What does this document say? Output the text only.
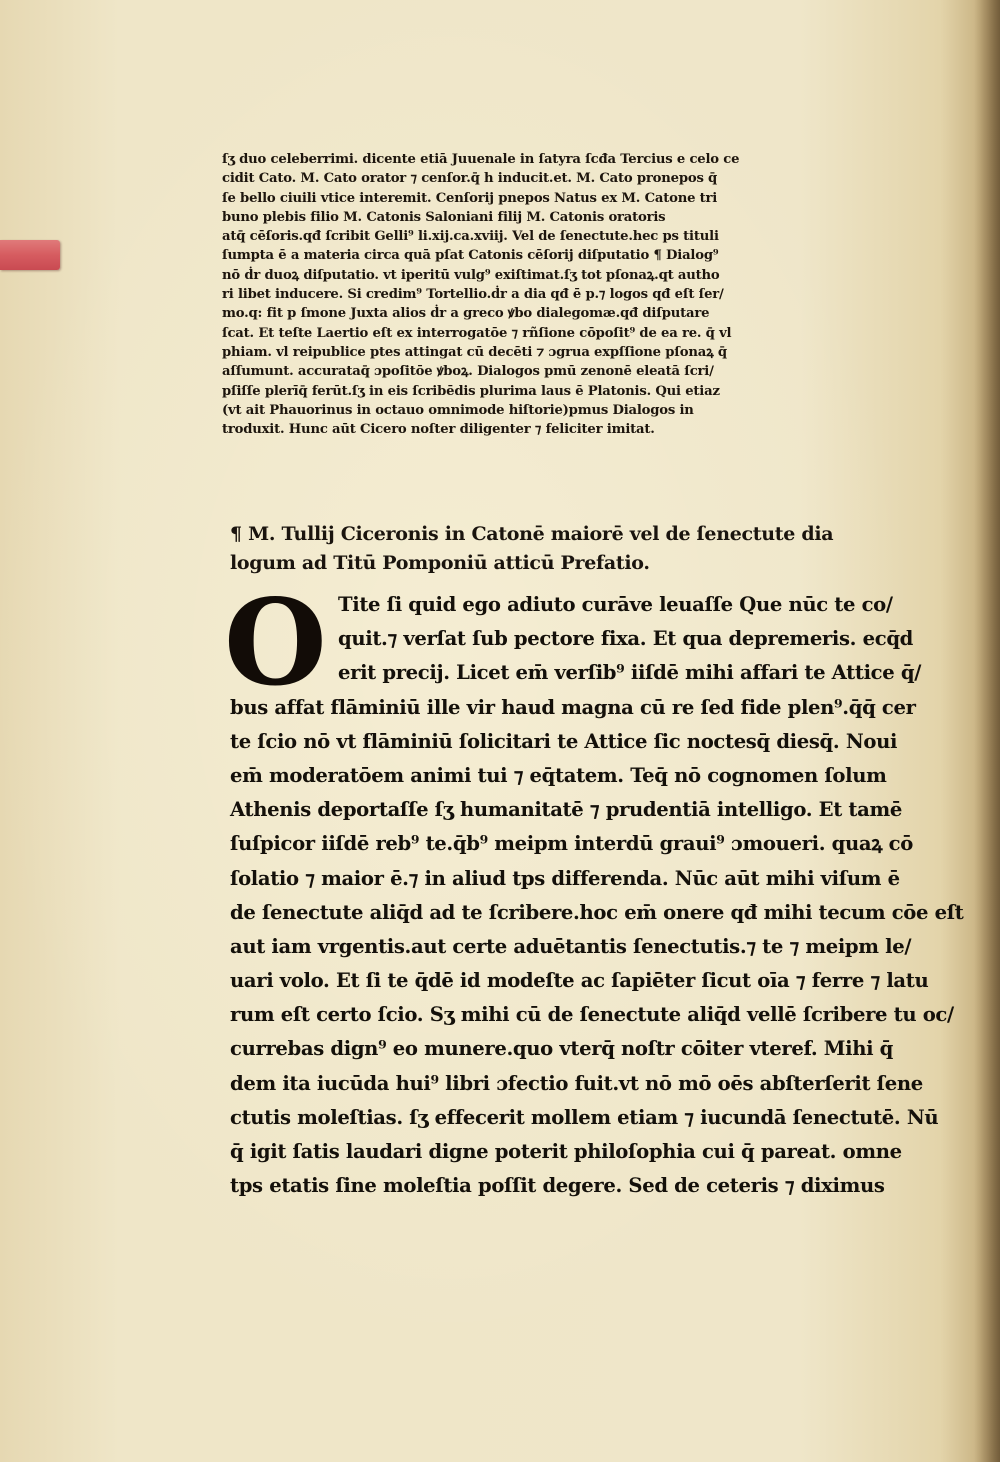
ſʒ duo celeberrimi. dicente etiā Juuenale in ſatyra ſcđa Tercius e celo ce
cidit Cato. M. Cato orator ⁊ cenſor.q̄ h inducit.et. M. Cato pronepos q̄
ſe bello ciuili vtice interemit. Cenſorij pnepos Natus ex M. Catone tri
buno plebis filio M. Catonis Saloniani filij M. Catonis oratoris
atq̄ cēſoris.qđ ſcribit Gelli⁹ li.xij.ca.xviij. Vel de ſenectute.hec ps tituli
ſumpta ē a materia circa quā pſat Catonis cēſorij diſputatio ¶ Dialog⁹
nō ḋr duoꝝ diſputatio. vt iperitū vulg⁹ exiſtimat.ſʒ tot pſonaꝝ.qt autho
ri libet inducere. Si credim⁹ Tortellio.ḋr a dia qđ ē p.⁊ logos qđ eſt ſer/
mo.q: fit p ſmone Juxta alios ḋr a greco ꝟbo dialegomæ.qđ diſputare
ſcat. Et teſte Laertio eſt ex interrogatōe ⁊ rñſione cōpoſit⁹ de ea re. q̄ vl
phiam. vl reipublice ptes attingat cū decēti ⁊ ɔgrua expſſione pſonaꝝ q̄
aſſumunt. accurataq̄ ɔpoſitōe ꝟboꝝ. Dialogos pmū zenonē eleatā ſcri/
pſiſſe plerīq̄ ferūt.ſʒ in eis ſcribēdis plurima laus ē Platonis. Qui etiaz
(vt ait Phauorinus in octauo omnimode hiſtorie)pmus Dialogos in
troduxit. Hunc aūt Cicero noſter diligenter ⁊ feliciter imitat.
¶ M. Tullij Ciceronis in Catonē maiorē vel de ſenectute dia
logum ad Titū Pomponiū atticū Prefatio.
O Tite ſi quid ego adiuto curāve leuaſſe Que nūc te co/
quit.⁊ verſat ſub pectore fixa. Et qua depremeris. ecq̄d
erit precij. Licet em̄ verſib⁹ iiſdē mihi affari te Attice q̄/
bus affat flāminiū ille vir haud magna cū re ſed fide plen⁹.q̄q̄ cer
te ſcio nō vt flāminiū ſolicitari te Attice ſic noctesq̄ diesq̄. Noui
em̄ moderatōem animi tui ⁊ eq̄tatem. Teq̄ nō cognomen ſolum
Athenis deportaſſe ſʒ humanitatē ⁊ prudentiā intelligo. Et tamē
ſuſpicor iiſdē reb⁹ te.q̄b⁹ meipm interdū graui⁹ ɔmoueri. quaꝝ cō
ſolatio ⁊ maior ē.⁊ in aliud tps differenda. Nūc aūt mihi viſum ē
de ſenectute aliq̄d ad te ſcribere.hoc em̄ onere qđ mihi tecum cōe eſt
aut iam vrgentis.aut certe aduētantis ſenectutis.⁊ te ⁊ meipm le/
uari volo. Et ſi te q̄dē id modeſte ac ſapiēter ſicut oīa ⁊ ferre ⁊ latu
rum eſt certo ſcio. Sʒ mihi cū de ſenectute aliq̄d vellē ſcribere tu oc/
currebas dign⁹ eo munere.quo vterq̄ noſtr cōiter vteref. Mihi q̄
dem ita iucūda hui⁹ libri ɔfectio fuit.vt nō mō oēs abſterſerit ſene
ctutis moleſtias. ſʒ effecerit mollem etiam ⁊ iucundā ſenectutē. Nū
q̄ igit ſatis laudari digne poterit philoſophia cui q̄ pareat. omne
tps etatis ſine moleſtia poſſit degere. Sed de ceteris ⁊ diximus
